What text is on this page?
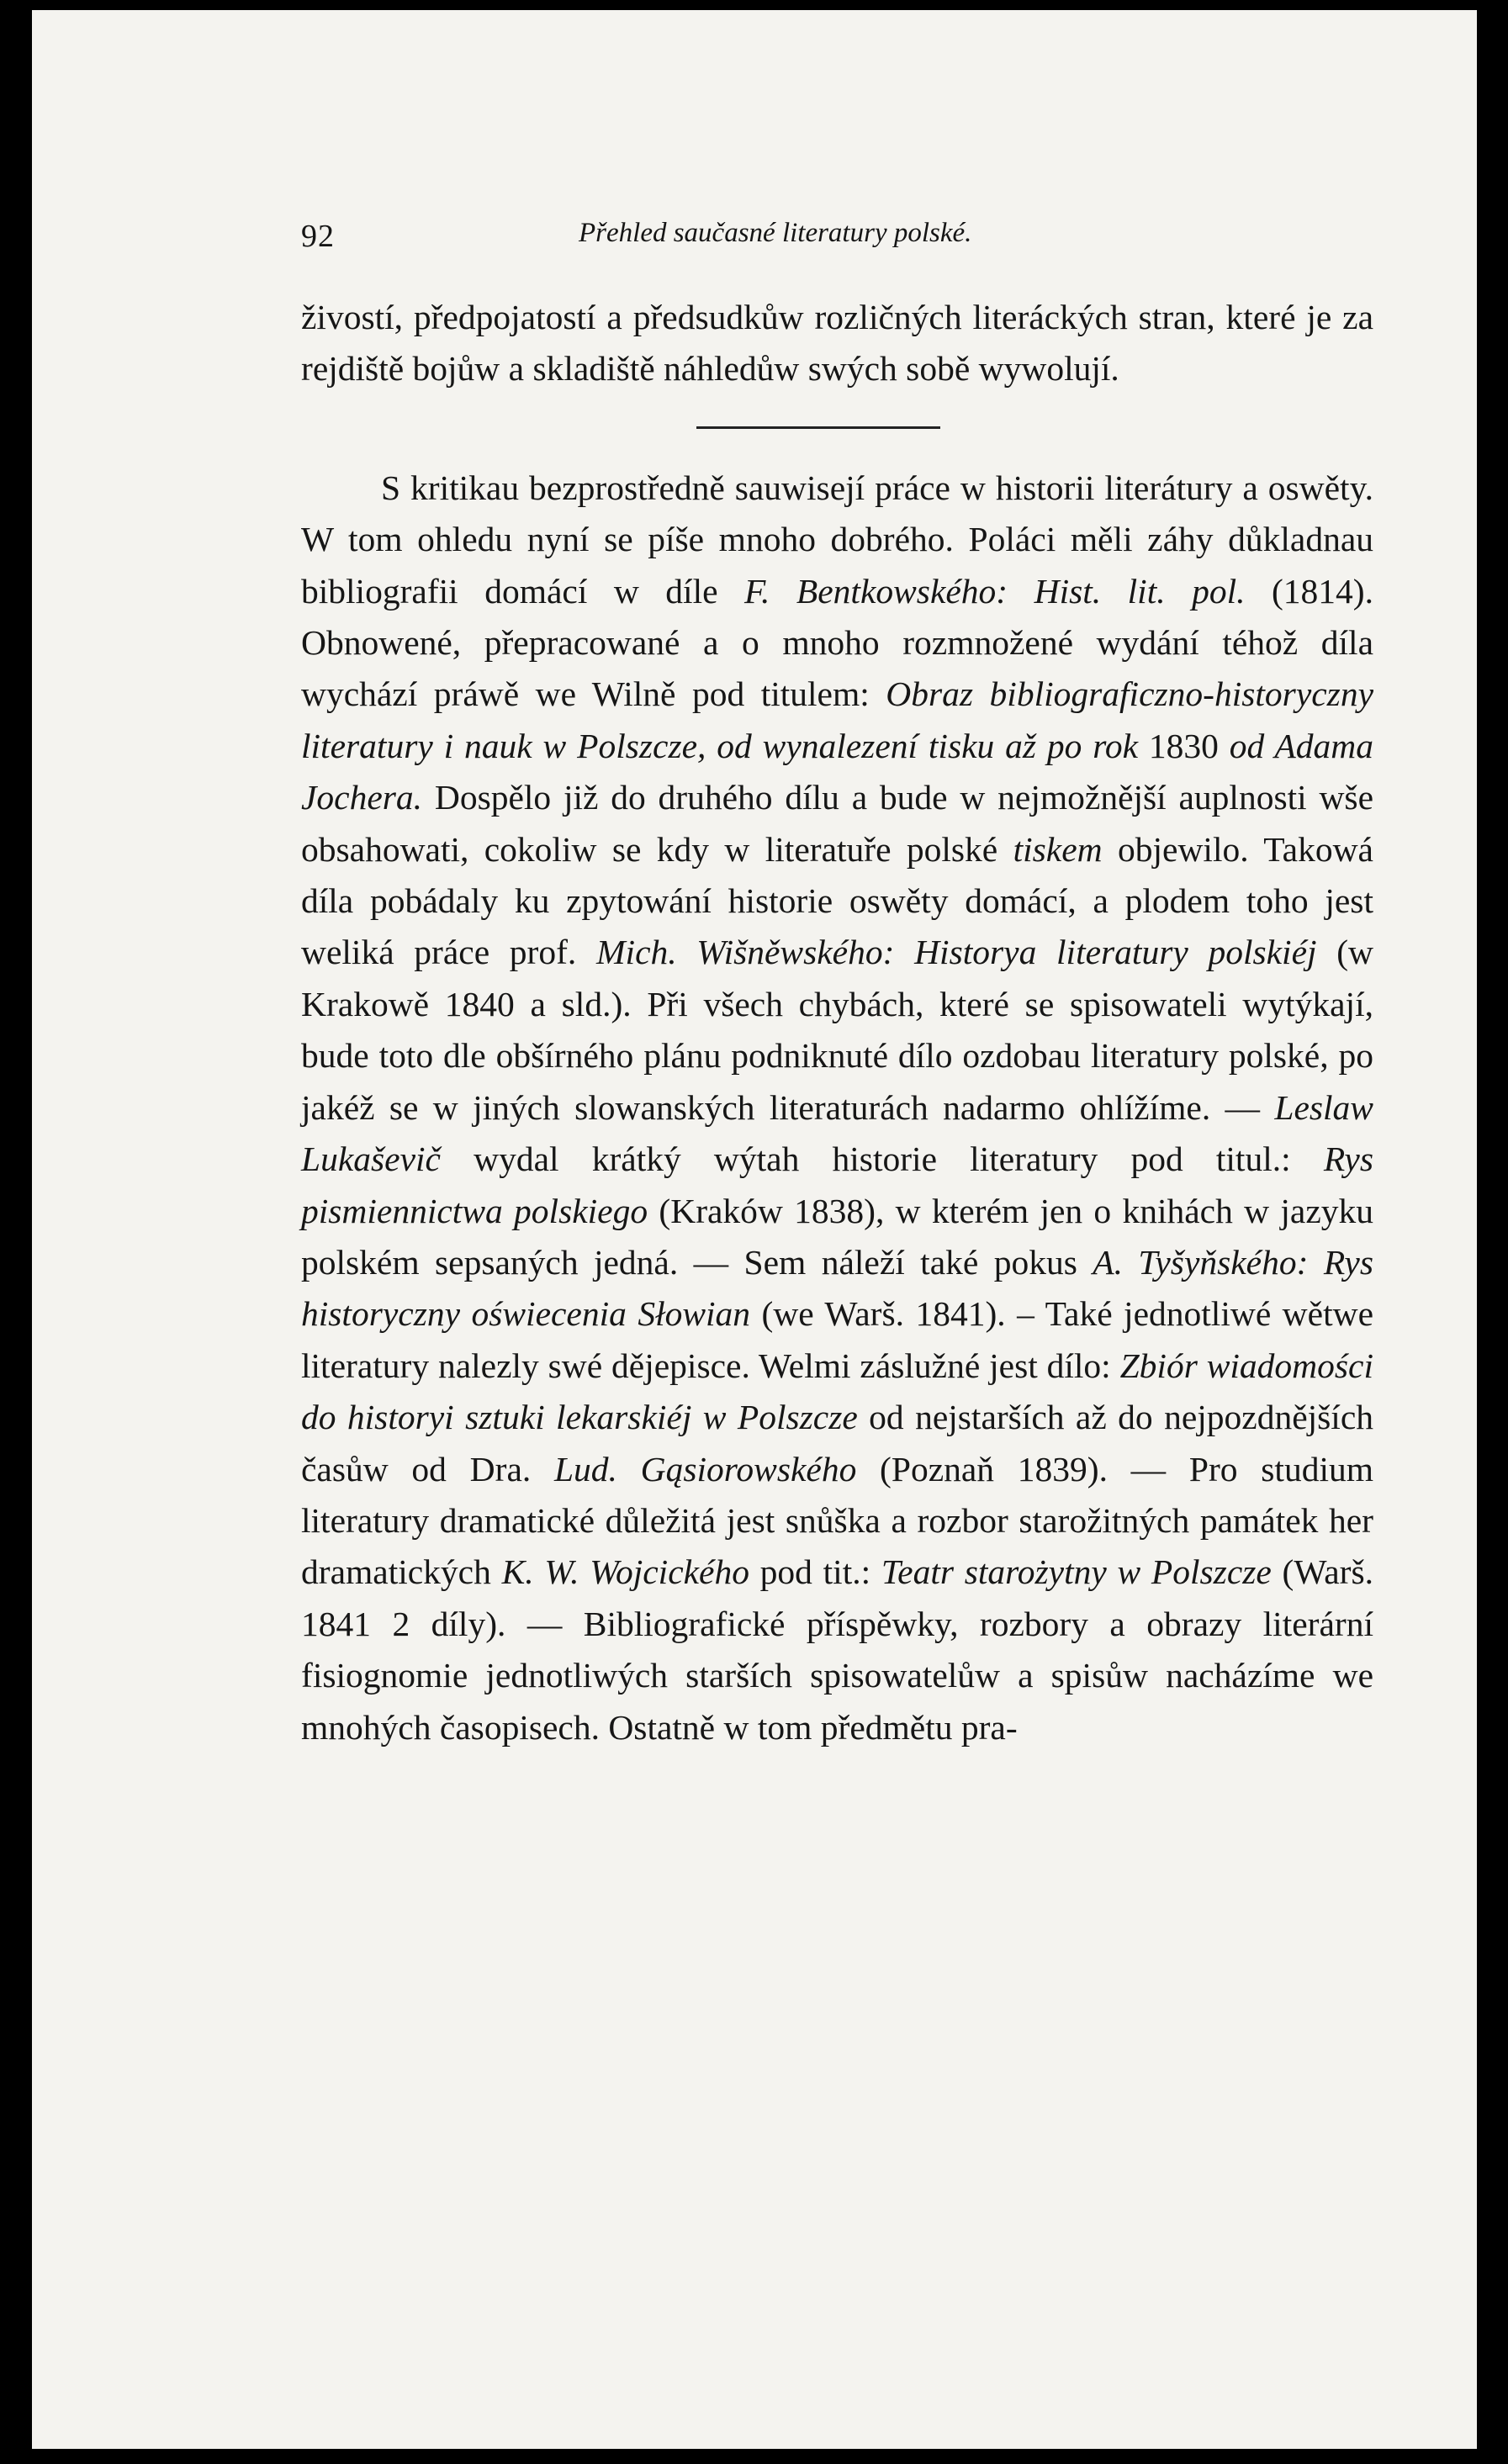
92	Přehled saučasné literatury polské.

živostí, předpojatostí a předsudkůw rozličných literáckých stran, které je za rejdiště bojůw a skladiště náhledůw swých sobě wywolují.

S kritikau bezprostředně sauwisejí práce w historii literátury a oswěty. W tom ohledu nyní se píše mnoho dobrého. Poláci měli záhy důkladnau bibliografii domácí w díle F. Bentkowského: Hist. lit. pol. (1814). Obnowené, přepracowané a o mnoho rozmnožené wydání téhož díla wychází práwě we Wilně pod titulem: Obraz bibliograficzno-historyczny literatury i nauk w Polszcze, od wynalezení tisku až po rok 1830 od Adama Jochera. Dospělo již do druhého dílu a bude w nejmožnější auplnosti wše obsahowati, cokoliw se kdy w literatuře polské tiskem objewilo. Takowá díla pobádaly ku zpytowání historie oswěty domácí, a plodem toho jest weliká práce prof. Mich. Wišněwského: Historya literatury polskiéj (w Krakowě 1840 a sld.). Při všech chybách, které se spisowateli wytýkají, bude toto dle obšírného plánu podniknuté dílo ozdobau literatury polské, po jakéž se w jiných slowanských literaturách nadarmo ohlížíme. — Leslaw Lukaševič wydal krátký wýtah historie literatury pod titul.: Rys pismiennictwa polskiego (Kraków 1838), w kterém jen o knihách w jazyku polském sepsaných jedná. — Sem náleží také pokus A. Tyšyňského: Rys historyczny oświecenia Słowian (we Warš. 1841). – Také jednotliwé wětwe literatury nalezly swé dějepisce. Welmi záslužné jest dílo: Zbiór wiadomości do historyi sztuki lekarskiéj w Polszcze od nejstarších až do nejpozdnějších časůw od Dra. Lud. Gąsiorowského (Poznaň 1839). — Pro studium literatury dramatické důležitá jest snůška a rozbor starožitných památek her dramatických K. W. Wojcického pod tit.: Teatr starożytny w Polszcze (Warš. 1841 2 díly). — Bibliografické příspěwky, rozbory a obrazy literární fisiognomie jednotliwých starších spisowatelůw a spisůw nacházíme we mnohých časopisech. Ostatně w tom předmětu pra-
